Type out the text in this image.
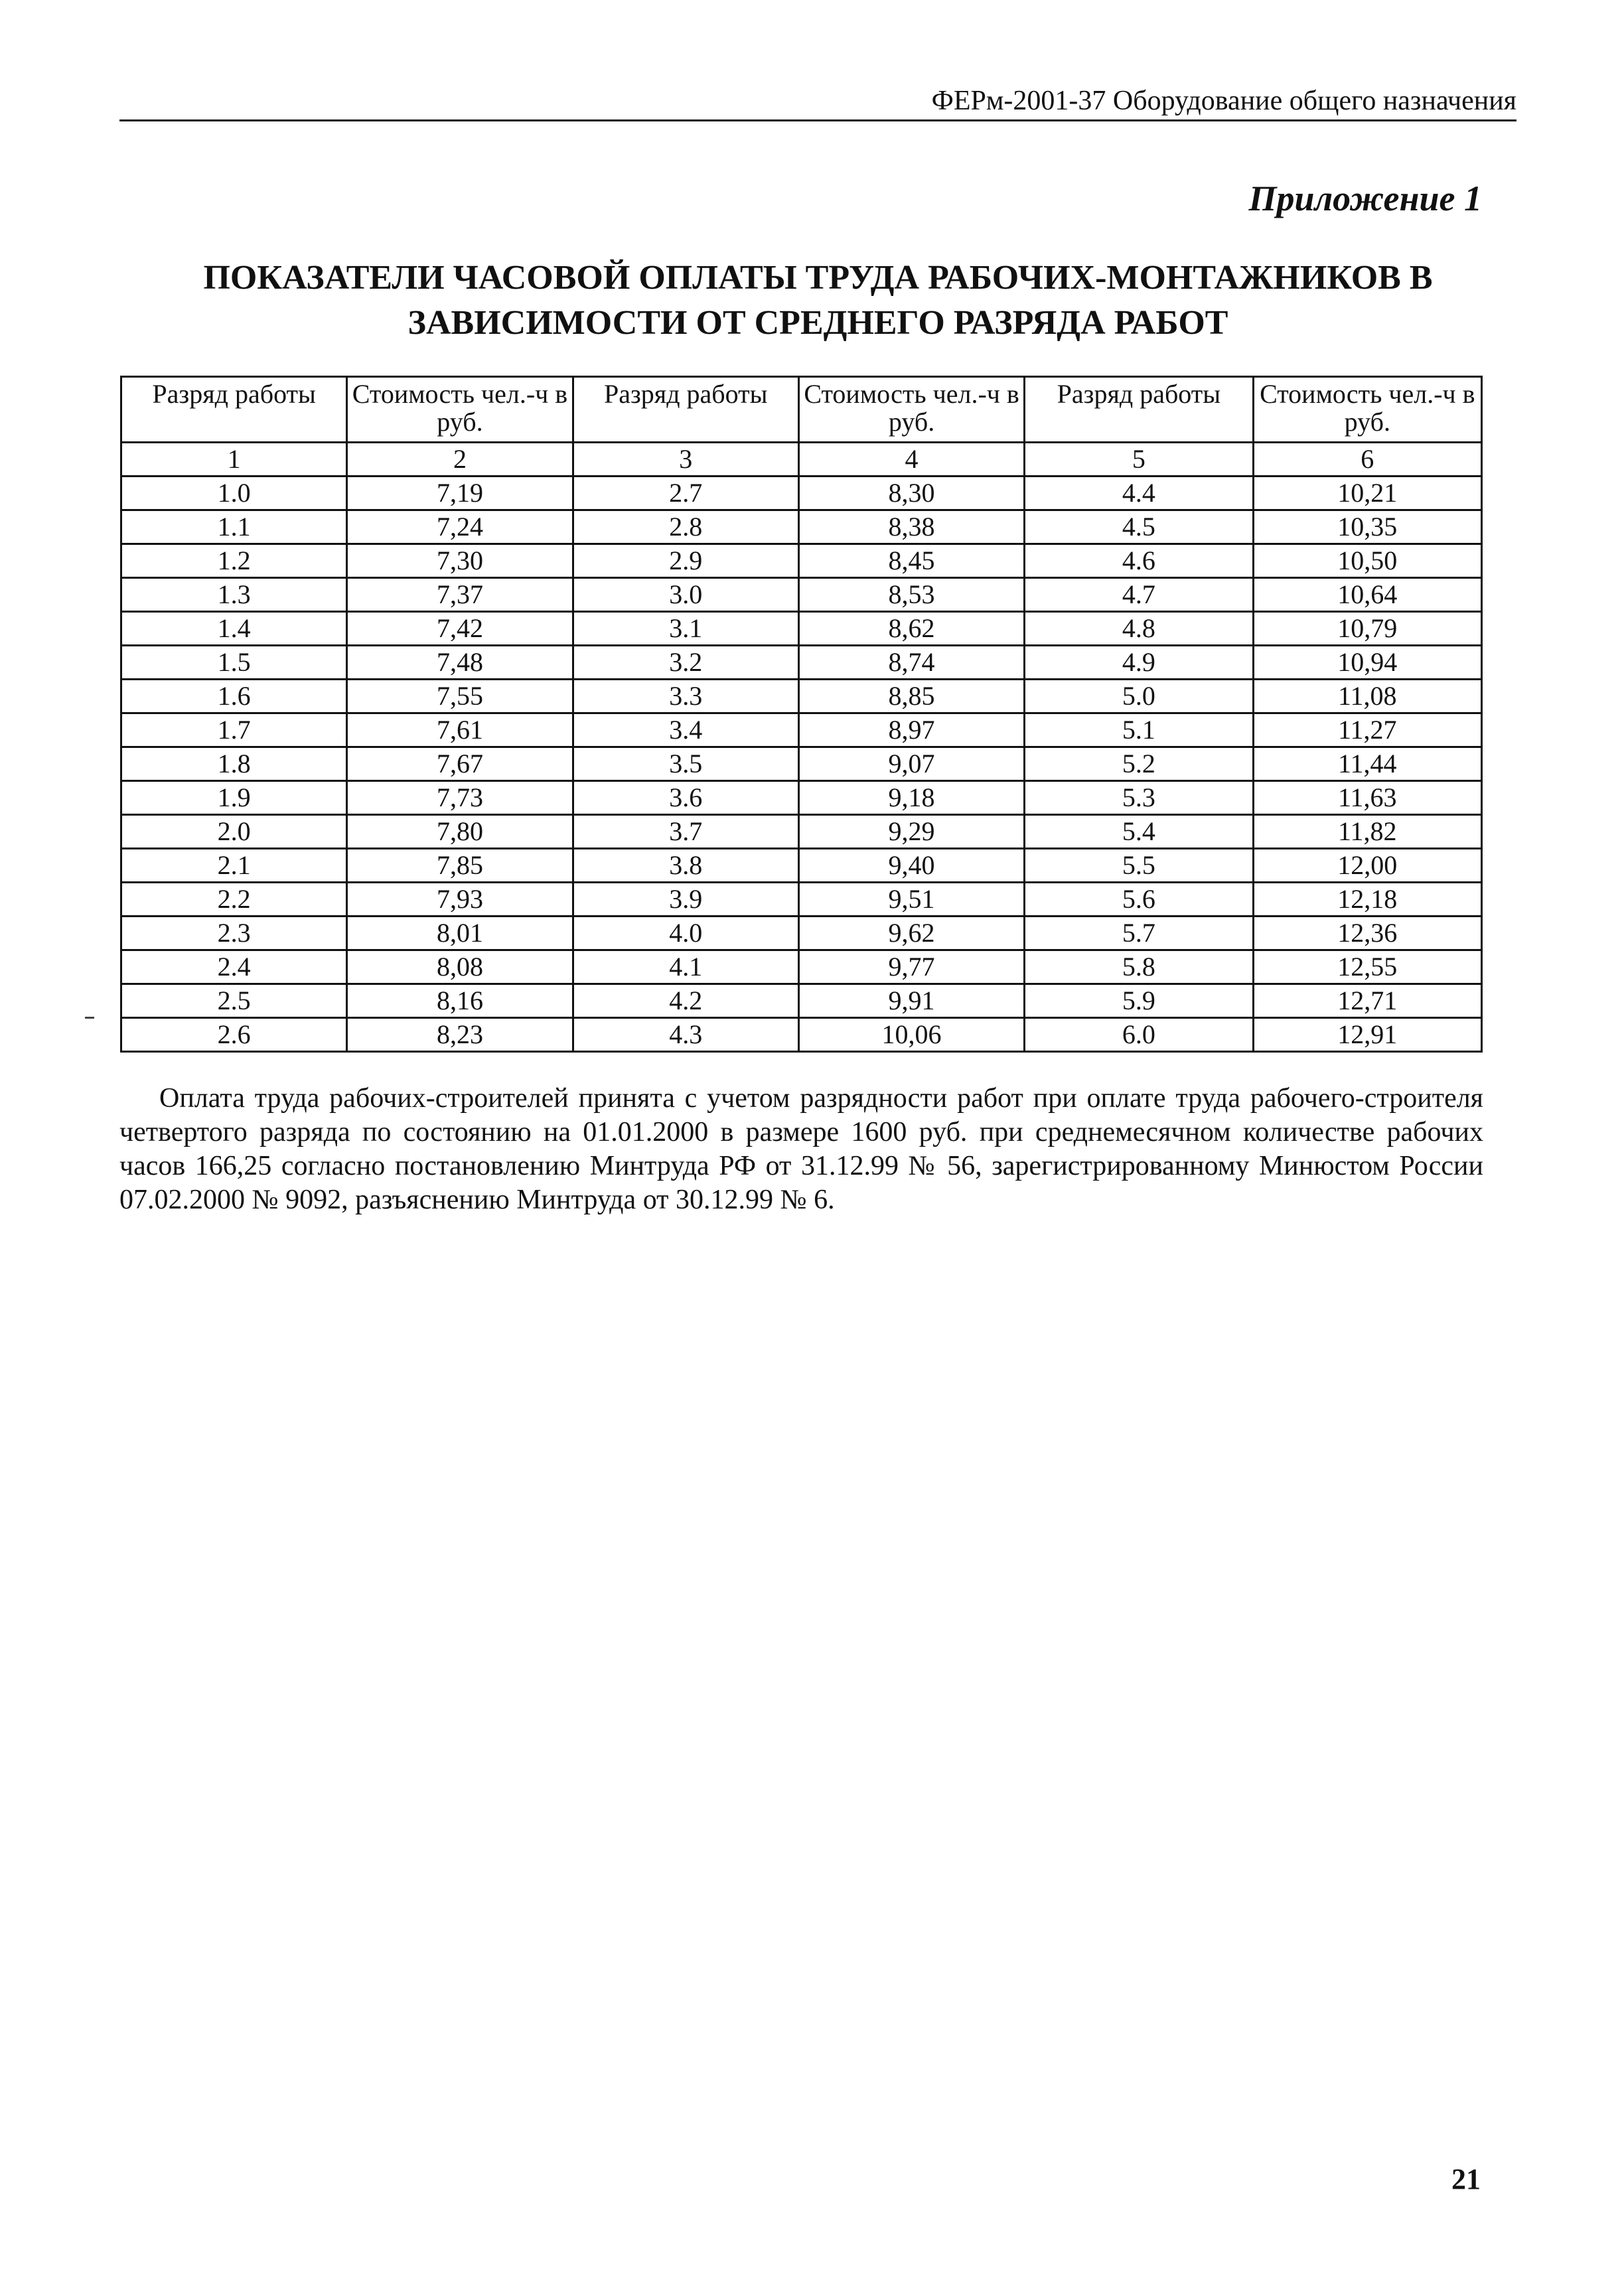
ФЕРм-2001-37 Оборудование общего назначения
Приложение 1
ПОКАЗАТЕЛИ ЧАСОВОЙ ОПЛАТЫ ТРУДА РАБОЧИХ-МОНТАЖНИКОВ В
ЗАВИСИМОСТИ ОТ СРЕДНЕГО РАЗРЯДА РАБОТ
Разряд работы	Стоимость чел.-ч в руб.	Разряд работы	Стоимость чел.-ч в руб.	Разряд работы	Стоимость чел.-ч в руб.
1	2	3	4	5	6
1.0	7,19	2.7	8,30	4.4	10,21
1.1	7,24	2.8	8,38	4.5	10,35
1.2	7,30	2.9	8,45	4.6	10,50
1.3	7,37	3.0	8,53	4.7	10,64
1.4	7,42	3.1	8,62	4.8	10,79
1.5	7,48	3.2	8,74	4.9	10,94
1.6	7,55	3.3	8,85	5.0	11,08
1.7	7,61	3.4	8,97	5.1	11,27
1.8	7,67	3.5	9,07	5.2	11,44
1.9	7,73	3.6	9,18	5.3	11,63
2.0	7,80	3.7	9,29	5.4	11,82
2.1	7,85	3.8	9,40	5.5	12,00
2.2	7,93	3.9	9,51	5.6	12,18
2.3	8,01	4.0	9,62	5.7	12,36
2.4	8,08	4.1	9,77	5.8	12,55
2.5	8,16	4.2	9,91	5.9	12,71
2.6	8,23	4.3	10,06	6.0	12,91
Оплата труда рабочих-строителей принята с учетом разрядности работ при оплате труда рабочего-строителя четвертого разряда по состоянию на 01.01.2000 в размере 1600 руб. при среднемесячном количестве рабочих часов 166,25 согласно постановлению Минтруда РФ от 31.12.99 № 56, зарегистрированному Минюстом России 07.02.2000 № 9092, разъяснению Минтруда от 30.12.99 № 6.
21
